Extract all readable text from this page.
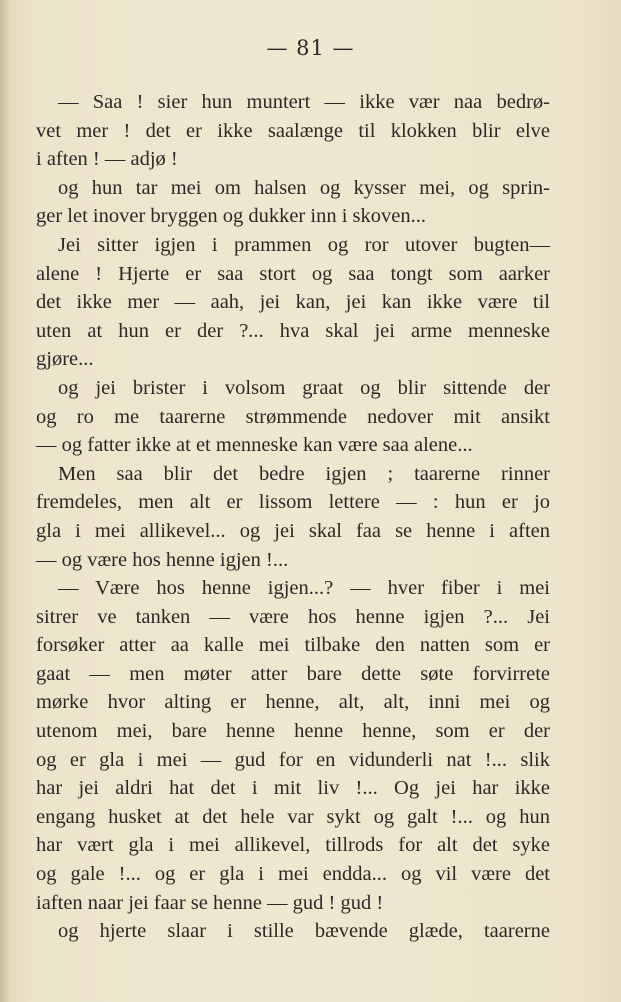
— 81 —
— Saa ! sier hun muntert — ikke vær naa bedrø-
vet mer ! det er ikke saalænge til klokken blir elve
i aften ! — adjø !
og hun tar mei om halsen og kysser mei, og sprin-
ger let inover bryggen og dukker inn i skoven...
Jei sitter igjen i prammen og ror utover bugten—
alene ! Hjerte er saa stort og saa tongt som aarker
det ikke mer — aah, jei kan, jei kan ikke være til
uten at hun er der ?... hva skal jei arme menneske
gjøre...
og jei brister i volsom graat og blir sittende der
og ro me taarerne strømmende nedover mit ansikt
— og fatter ikke at et menneske kan være saa alene...
Men saa blir det bedre igjen ; taarerne rinner
fremdeles, men alt er lissom lettere — : hun er jo
gla i mei allikevel... og jei skal faa se henne i aften
— og være hos henne igjen !...
— Være hos henne igjen...? — hver fiber i mei
sitrer ve tanken — være hos henne igjen ?... Jei
forsøker atter aa kalle mei tilbake den natten som er
gaat — men møter atter bare dette søte forvirrete
mørke hvor alting er henne, alt, alt, inni mei og
utenom mei, bare henne henne henne, som er der
og er gla i mei — gud for en vidunderli nat !... slik
har jei aldri hat det i mit liv !... Og jei har ikke
engang husket at det hele var sykt og galt !... og hun
har vært gla i mei allikevel, tillrods for alt det syke
og gale !... og er gla i mei endda... og vil være det
iaften naar jei faar se henne — gud ! gud !
og hjerte slaar i stille bævende glæde, taarerne
